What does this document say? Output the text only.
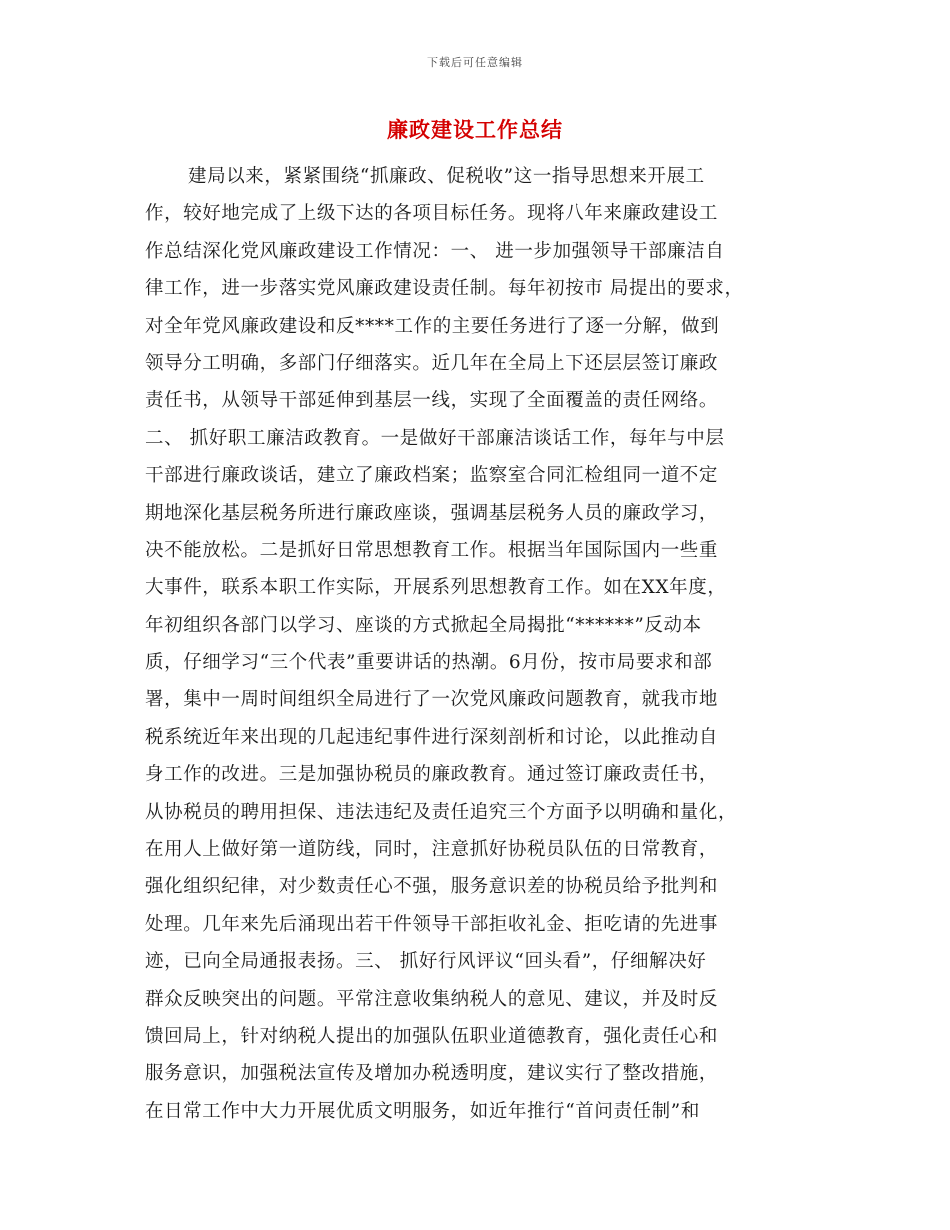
下载后可任意编辑
廉政建设工作总结
建局以来，紧紧围绕“抓廉政、促税收”这一指导思想来开展工
作，较好地完成了上级下达的各项目标任务。现将八年来廉政建设工
作总结深化党风廉政建设工作情况：一、 进一步加强领导干部廉洁自
律工作，进一步落实党风廉政建设责任制。每年初按市 局提出的要求，
对全年党风廉政建设和反****工作的主要任务进行了逐一分解，做到
领导分工明确，多部门仔细落实。近几年在全局上下还层层签订廉政
责任书，从领导干部延伸到基层一线，实现了全面覆盖的责任网络。
二、 抓好职工廉洁政教育。一是做好干部廉洁谈话工作，每年与中层
干部进行廉政谈话，建立了廉政档案；监察室合同汇检组同一道不定
期地深化基层税务所进行廉政座谈，强调基层税务人员的廉政学习，
决不能放松。二是抓好日常思想教育工作。根据当年国际国内一些重
大事件，联系本职工作实际，开展系列思想教育工作。如在XX年度，
年初组织各部门以学习、座谈的方式掀起全局揭批“******”反动本
质，仔细学习“三个代表”重要讲话的热潮。6月份，按市局要求和部
署，集中一周时间组织全局进行了一次党风廉政问题教育，就我市地
税系统近年来出现的几起违纪事件进行深刻剖析和讨论，以此推动自
身工作的改进。三是加强协税员的廉政教育。通过签订廉政责任书，
从协税员的聘用担保、违法违纪及责任追究三个方面予以明确和量化，
在用人上做好第一道防线，同时，注意抓好协税员队伍的日常教育，
强化组织纪律，对少数责任心不强，服务意识差的协税员给予批判和
处理。几年来先后涌现出若干件领导干部拒收礼金、拒吃请的先进事
迹，已向全局通报表扬。三、 抓好行风评议“回头看”，仔细解决好
群众反映突出的问题。平常注意收集纳税人的意见、建议，并及时反
馈回局上，针对纳税人提出的加强队伍职业道德教育，强化责任心和
服务意识，加强税法宣传及增加办税透明度，建议实行了整改措施，
在日常工作中大力开展优质文明服务，如近年推行“首问责任制”和
